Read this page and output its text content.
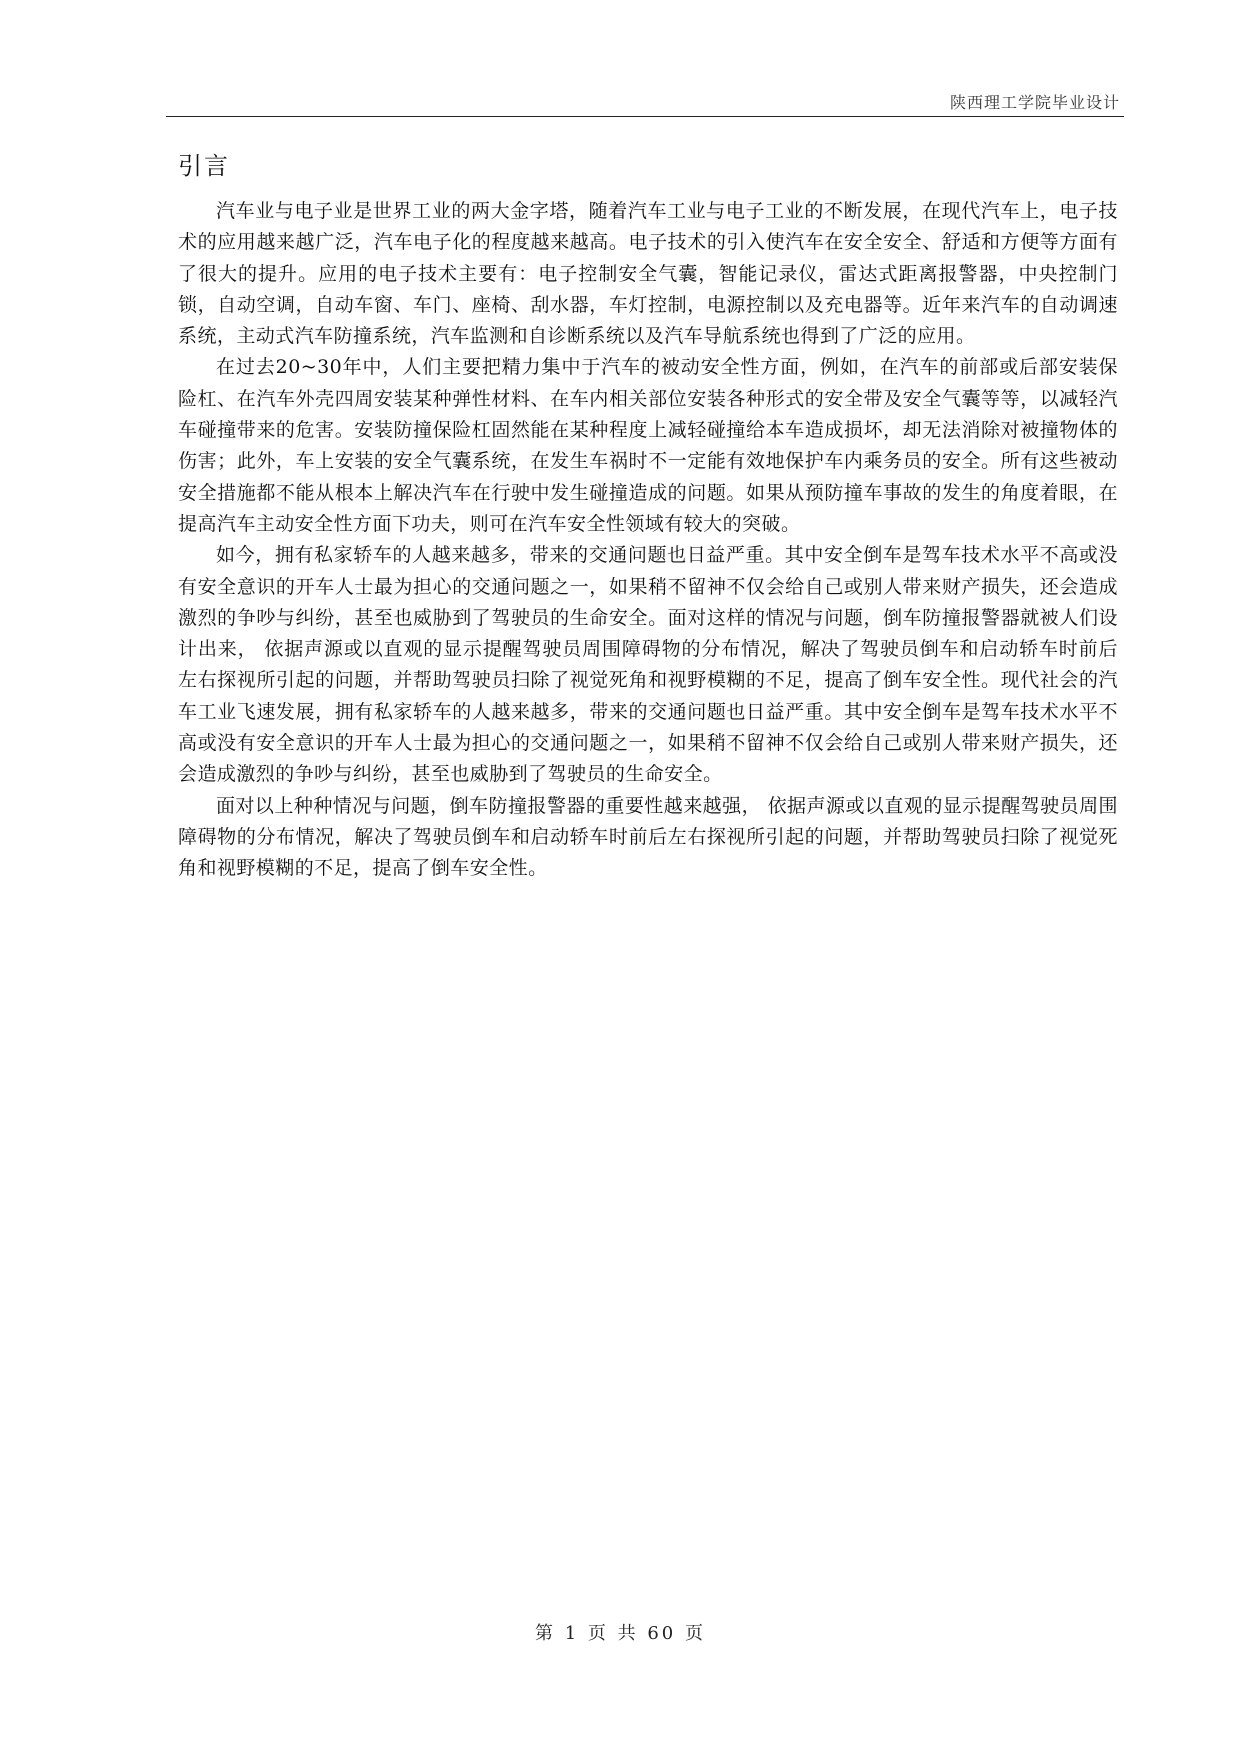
陕西理工学院毕业设计
引言

汽车业与电子业是世界工业的两大金字塔，随着汽车工业与电子工业的不断发展，在现代汽车上，电子技术的应用越来越广泛，汽车电子化的程度越来越高。电子技术的引入使汽车在安全安全、舒适和方便等方面有了很大的提升。应用的电子技术主要有：电子控制安全气囊，智能记录仪，雷达式距离报警器，中央控制门锁，自动空调，自动车窗、车门、座椅、刮水器，车灯控制，电源控制以及充电器等。近年来汽车的自动调速系统，主动式汽车防撞系统，汽车监测和自诊断系统以及汽车导航系统也得到了广泛的应用。

在过去20~30年中，人们主要把精力集中于汽车的被动安全性方面，例如，在汽车的前部或后部安装保险杠、在汽车外壳四周安装某种弹性材料、在车内相关部位安装各种形式的安全带及安全气囊等等，以减轻汽车碰撞带来的危害。安装防撞保险杠固然能在某种程度上减轻碰撞给本车造成损坏，却无法消除对被撞物体的伤害；此外，车上安装的安全气囊系统，在发生车祸时不一定能有效地保护车内乘务员的安全。所有这些被动安全措施都不能从根本上解决汽车在行驶中发生碰撞造成的问题。如果从预防撞车事故的发生的角度着眼，在提高汽车主动安全性方面下功夫，则可在汽车安全性领域有较大的突破。

如今，拥有私家轿车的人越来越多，带来的交通问题也日益严重。其中安全倒车是驾车技术水平不高或没有安全意识的开车人士最为担心的交通问题之一，如果稍不留神不仅会给自己或别人带来财产损失，还会造成激烈的争吵与纠纷，甚至也威胁到了驾驶员的生命安全。面对这样的情况与问题，倒车防撞报警器就被人们设计出来， 依据声源或以直观的显示提醒驾驶员周围障碍物的分布情况，解决了驾驶员倒车和启动轿车时前后左右探视所引起的问题，并帮助驾驶员扫除了视觉死角和视野模糊的不足，提高了倒车安全性。现代社会的汽车工业飞速发展，拥有私家轿车的人越来越多，带来的交通问题也日益严重。其中安全倒车是驾车技术水平不高或没有安全意识的开车人士最为担心的交通问题之一，如果稍不留神不仅会给自己或别人带来财产损失，还会造成激烈的争吵与纠纷，甚至也威胁到了驾驶员的生命安全。

面对以上种种情况与问题，倒车防撞报警器的重要性越来越强， 依据声源或以直观的显示提醒驾驶员周围障碍物的分布情况，解决了驾驶员倒车和启动轿车时前后左右探视所引起的问题，并帮助驾驶员扫除了视觉死角和视野模糊的不足，提高了倒车安全性。

第 1 页 共 60 页
